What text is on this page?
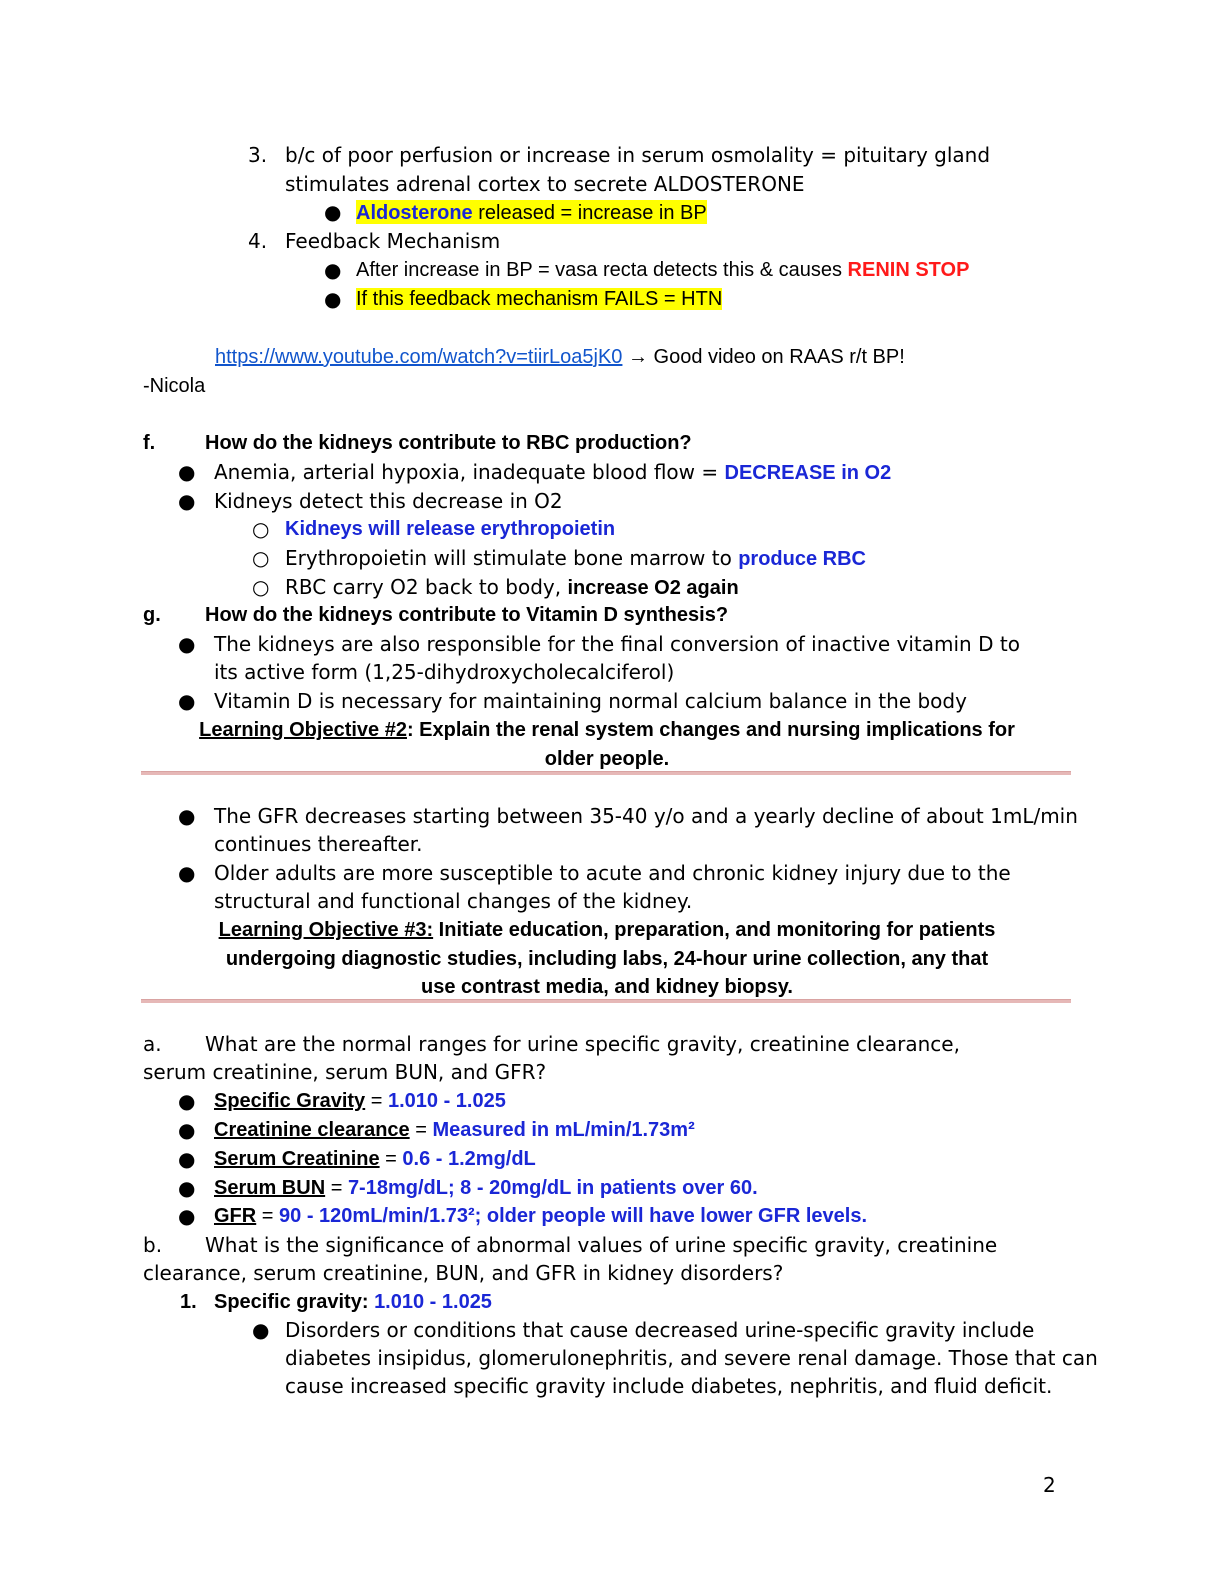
3. b/c of poor perfusion or increase in serum osmolality = pituitary gland
stimulates adrenal cortex to secrete ALDOSTERONE
● Aldosterone released = increase in BP
4. Feedback Mechanism
● After increase in BP = vasa recta detects this & causes RENIN STOP
● If this feedback mechanism FAILS = HTN
https://www.youtube.com/watch?v=tiirLoa5jK0 → Good video on RAAS r/t BP!
-Nicola
f. How do the kidneys contribute to RBC production?
● Anemia, arterial hypoxia, inadequate blood flow = DECREASE in O2
● Kidneys detect this decrease in O2
○ Kidneys will release erythropoietin
○ Erythropoietin will stimulate bone marrow to produce RBC
○ RBC carry O2 back to body, increase O2 again
g. How do the kidneys contribute to Vitamin D synthesis?
● The kidneys are also responsible for the final conversion of inactive vitamin D to
its active form (1,25-dihydroxycholecalciferol)
● Vitamin D is necessary for maintaining normal calcium balance in the body
Learning Objective #2: Explain the renal system changes and nursing implications for
older people.
● The GFR decreases starting between 35-40 y/o and a yearly decline of about 1mL/min
continues thereafter.
● Older adults are more susceptible to acute and chronic kidney injury due to the
structural and functional changes of the kidney.
Learning Objective #3: Initiate education, preparation, and monitoring for patients
undergoing diagnostic studies, including labs, 24-hour urine collection, any that
use contrast media, and kidney biopsy.
a. What are the normal ranges for urine specific gravity, creatinine clearance,
serum creatinine, serum BUN, and GFR?
● Specific Gravity = 1.010 - 1.025
● Creatinine clearance = Measured in mL/min/1.73m²
● Serum Creatinine = 0.6 - 1.2mg/dL
● Serum BUN = 7-18mg/dL; 8 - 20mg/dL in patients over 60.
● GFR = 90 - 120mL/min/1.73²; older people will have lower GFR levels.
b. What is the significance of abnormal values of urine specific gravity, creatinine
clearance, serum creatinine, BUN, and GFR in kidney disorders?
1. Specific gravity: 1.010 - 1.025
● Disorders or conditions that cause decreased urine-specific gravity include
diabetes insipidus, glomerulonephritis, and severe renal damage. Those that can
cause increased specific gravity include diabetes, nephritis, and fluid deficit.
2
